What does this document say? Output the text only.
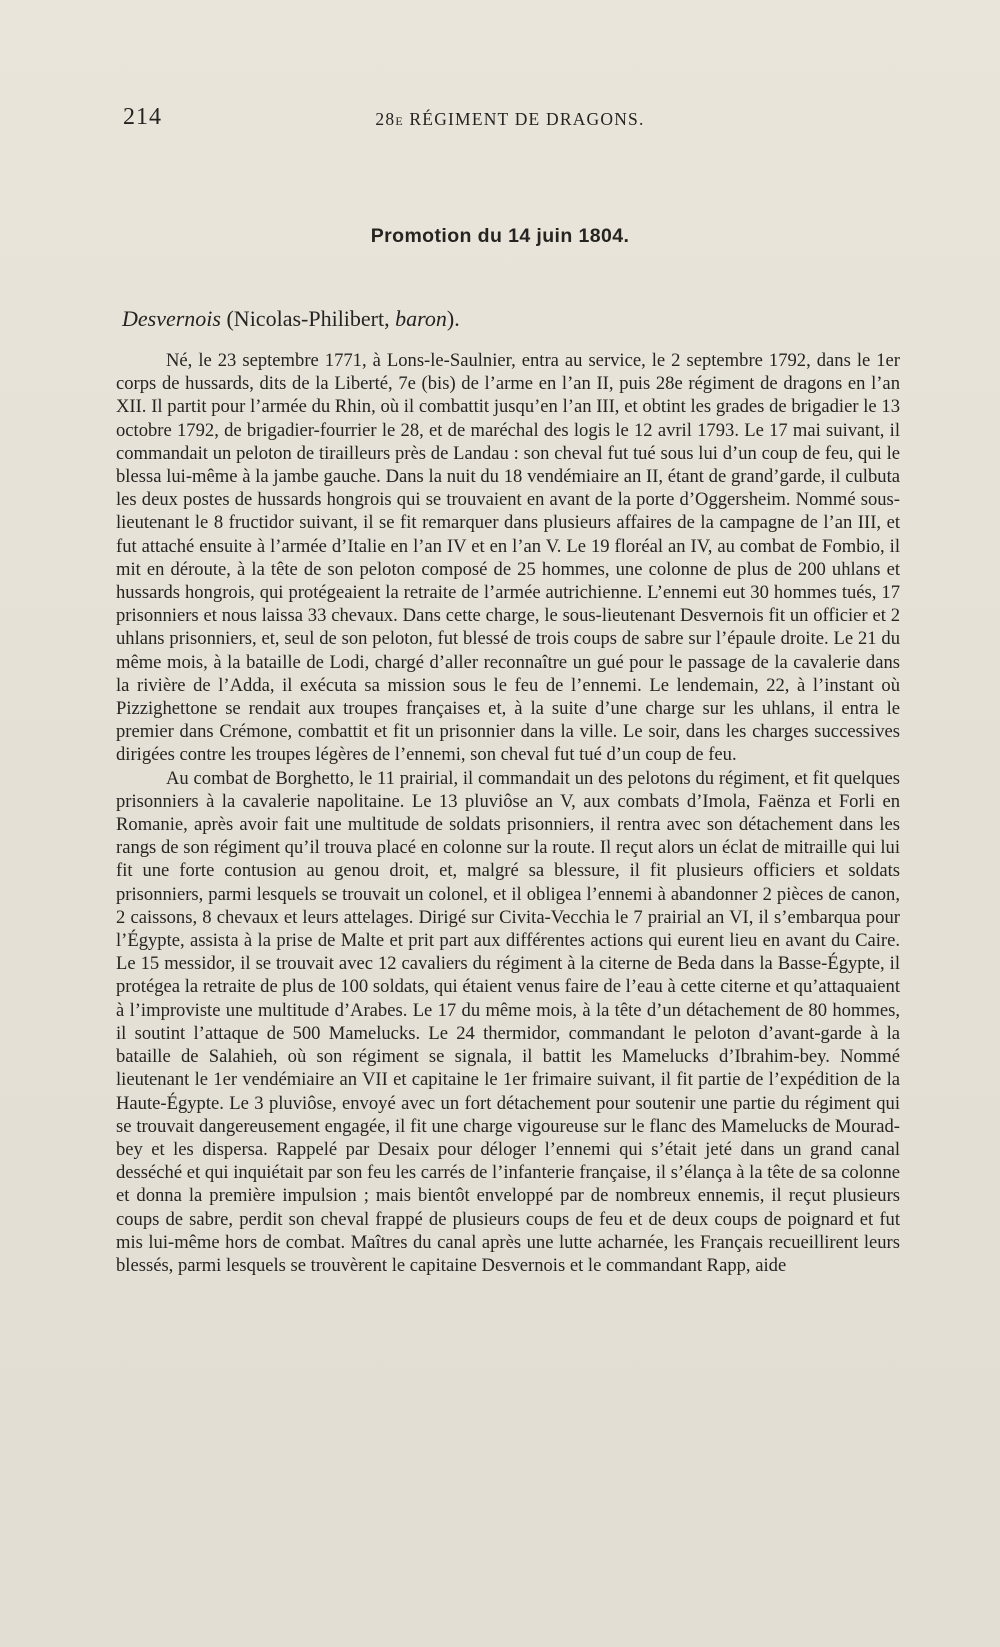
214	28e RÉGIMENT DE DRAGONS.
Promotion du 14 juin 1804.
Desvernois (Nicolas-Philibert, baron).

Né, le 23 septembre 1771, à Lons-le-Saulnier, entra au service, le 2 septembre 1792, dans le 1er corps de hussards, dits de la Liberté, 7e (bis) de l’arme en l’an II, puis 28e régiment de dragons en l’an XII. Il partit pour l’armée du Rhin, où il combattit jusqu’en l’an III, et obtint les grades de brigadier le 13 octobre 1792, de brigadier-fourrier le 28, et de maréchal des logis le 12 avril 1793. Le 17 mai suivant, il commandait un peloton de tirailleurs près de Landau : son cheval fut tué sous lui d’un coup de feu, qui le blessa lui-même à la jambe gauche. Dans la nuit du 18 vendémiaire an II, étant de grand’garde, il culbuta les deux postes de hussards hongrois qui se trouvaient en avant de la porte d’Oggersheim. Nommé sous-lieutenant le 8 fructidor suivant, il se fit remarquer dans plusieurs affaires de la campagne de l’an III, et fut attaché ensuite à l’armée d’Italie en l’an IV et en l’an V. Le 19 floréal an IV, au combat de Fombio, il mit en déroute, à la tête de son peloton composé de 25 hommes, une colonne de plus de 200 uhlans et hussards hongrois, qui protégeaient la retraite de l’armée autrichienne. L’ennemi eut 30 hommes tués, 17 prisonniers et nous laissa 33 chevaux. Dans cette charge, le sous-lieutenant Desvernois fit un officier et 2 uhlans prisonniers, et, seul de son peloton, fut blessé de trois coups de sabre sur l’épaule droite. Le 21 du même mois, à la bataille de Lodi, chargé d’aller reconnaître un gué pour le passage de la cavalerie dans la rivière de l’Adda, il exécuta sa mission sous le feu de l’ennemi. Le lendemain, 22, à l’instant où Pizzighettone se rendait aux troupes françaises et, à la suite d’une charge sur les uhlans, il entra le premier dans Crémone, combattit et fit un prisonnier dans la ville. Le soir, dans les charges successives dirigées contre les troupes légères de l’ennemi, son cheval fut tué d’un coup de feu.

Au combat de Borghetto, le 11 prairial, il commandait un des pelotons du régiment, et fit quelques prisonniers à la cavalerie napolitaine. Le 13 pluviôse an V, aux combats d’Imola, Faënza et Forli en Romanie, après avoir fait une multitude de soldats prisonniers, il rentra avec son détachement dans les rangs de son régiment qu’il trouva placé en colonne sur la route. Il reçut alors un éclat de mitraille qui lui fit une forte contusion au genou droit, et, malgré sa blessure, il fit plusieurs officiers et soldats prisonniers, parmi lesquels se trouvait un colonel, et il obligea l’ennemi à abandonner 2 pièces de canon, 2 caissons, 8 chevaux et leurs attelages. Dirigé sur Civita-Vecchia le 7 prairial an VI, il s’embarqua pour l’Égypte, assista à la prise de Malte et prit part aux différentes actions qui eurent lieu en avant du Caire. Le 15 messidor, il se trouvait avec 12 cavaliers du régiment à la citerne de Beda dans la Basse-Égypte, il protégea la retraite de plus de 100 soldats, qui étaient venus faire de l’eau à cette citerne et qu’attaquaient à l’improviste une multitude d’Arabes. Le 17 du même mois, à la tête d’un détachement de 80 hommes, il soutint l’attaque de 500 Mamelucks. Le 24 thermidor, commandant le peloton d’avant-garde à la bataille de Salahieh, où son régiment se signala, il battit les Mamelucks d’Ibrahim-bey. Nommé lieutenant le 1er vendémiaire an VII et capitaine le 1er frimaire suivant, il fit partie de l’expédition de la Haute-Égypte. Le 3 pluviôse, envoyé avec un fort détachement pour soutenir une partie du régiment qui se trouvait dangereusement engagée, il fit une charge vigoureuse sur le flanc des Mamelucks de Mourad-bey et les dispersa. Rappelé par Desaix pour déloger l’ennemi qui s’était jeté dans un grand canal desséché et qui inquiétait par son feu les carrés de l’infanterie française, il s’élança à la tête de sa colonne et donna la première impulsion ; mais bientôt enveloppé par de nombreux ennemis, il reçut plusieurs coups de sabre, perdit son cheval frappé de plusieurs coups de feu et de deux coups de poignard et fut mis lui-même hors de combat. Maîtres du canal après une lutte acharnée, les Français recueillirent leurs blessés, parmi lesquels se trouvèrent le capitaine Desvernois et le commandant Rapp, aide
